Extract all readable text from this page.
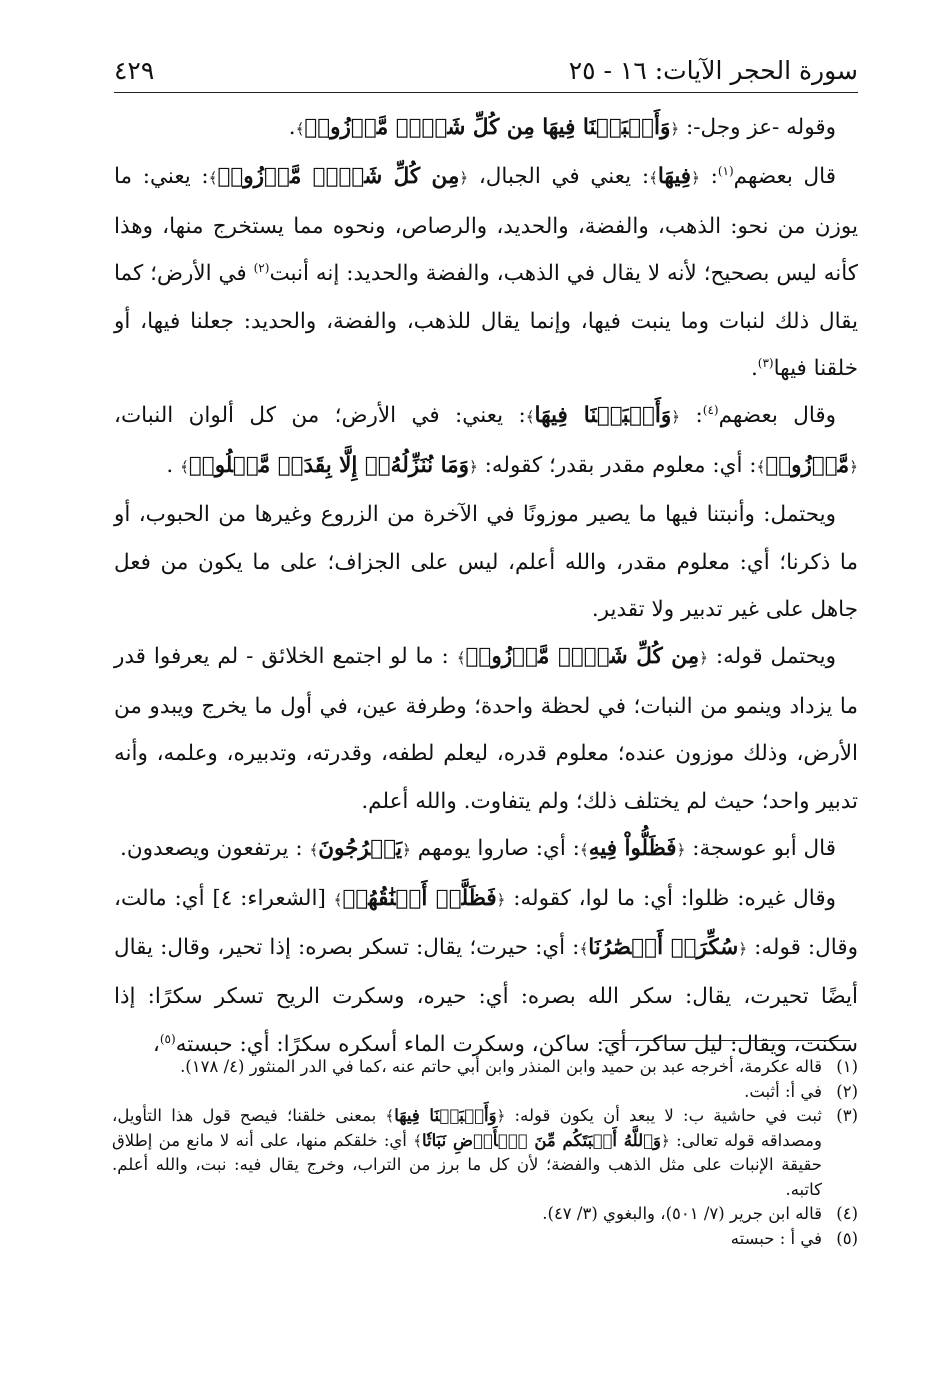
سورة الحجر الآيات: ١٦ - ٢٥
٤٢٩

وقوله -عز وجل-: ﴿وَأَنۢبَتۡنَا فِيهَا مِن كُلِّ شَيۡءٖ مَّوۡزُونٖ﴾.

قال بعضهم$^{(١)}$: ﴿فِيهَا﴾: يعني في الجبال، ﴿مِن كُلِّ شَيۡءٖ مَّوۡزُونٖ﴾: يعني: ما يوزن من نحو: الذهب، والفضة، والحديد، والرصاص، ونحوه مما يستخرج منها، وهذا كأنه ليس بصحيح؛ لأنه لا يقال في الذهب، والفضة والحديد: إنه أنبت$^{(٢)}$ في الأرض؛ كما يقال ذلك لنبات وما ينبت فيها، وإنما يقال للذهب، والفضة، والحديد: جعلنا فيها، أو خلقنا فيها$^{(٣)}$.

وقال بعضهم$^{(٤)}$: ﴿وَأَنۢبَتۡنَا فِيهَا﴾: يعني: في الأرض؛ من كل ألوان النبات، ﴿مَّوۡزُونٖ﴾: أي: معلوم مقدر بقدر؛ كقوله: ﴿وَمَا نُنَزِّلُهُۥٓ إِلَّا بِقَدَرٖ مَّعۡلُومٖ﴾ .

ويحتمل: وأنبتنا فيها ما يصير موزونًا في الآخرة من الزروع وغيرها من الحبوب، أو ما ذكرنا؛ أي: معلوم مقدر، والله أعلم، ليس على الجزاف؛ على ما يكون من فعل جاهل على غير تدبير ولا تقدير.

ويحتمل قوله: ﴿مِن كُلِّ شَيۡءٖ مَّوۡزُونٖ﴾ : ما لو اجتمع الخلائق - لم يعرفوا قدر ما يزداد وينمو من النبات؛ في لحظة واحدة؛ وطرفة عين، في أول ما يخرج ويبدو من الأرض، وذلك موزون عنده؛ معلوم قدره، ليعلم لطفه، وقدرته، وتدبيره، وعلمه، وأنه تدبير واحد؛ حيث لم يختلف ذلك؛ ولم يتفاوت. والله أعلم.

قال أبو عوسجة: ﴿فَظَلُّواْ فِيهِ﴾: أي: صاروا يومهم ﴿يَعۡرُجُونَ﴾ : يرتفعون ويصعدون.

وقال غيره: ظلوا: أي: ما لوا، كقوله: ﴿فَظَلَّتۡ أَعۡنَٰقُهُمۡ﴾ [الشعراء: ٤] أي: مالت، وقال: قوله: ﴿سُكِّرَتۡ أَبۡصَٰرُنَا﴾: أي: حيرت؛ يقال: تسكر بصره: إذا تحير، وقال: يقال أيضًا تحيرت، يقال: سكر الله بصره: أي: حيره، وسكرت الريح تسكر سكرًا: إذا سكنت، ويقال: ليل ساكر، أي: ساكن، وسكرت الماء أسكره سكرًا: أي: حبسته$^{(٥)}$،

(١)
قاله عكرمة، أخرجه عبد بن حميد وابن المنذر وابن أبي حاتم عنه ،كما في الدر المنثور (٤/ ١٧٨).
(٢)
في أ: أثبت.
(٣)
ثبت في حاشية ب: لا يبعد أن يكون قوله: ﴿وَأَنۢبَتۡنَا فِيهَا﴾ بمعنى خلقنا؛ فيصح قول هذا التأويل، ومصداقه قوله تعالى: ﴿وَٱللَّهُ أَنۢبَتَكُم مِّنَ ٱلۡأَرۡضِ نَبَاتٗا﴾ أي: خلقكم منها، على أنه لا مانع من إطلاق حقيقة الإنبات على مثل الذهب والفضة؛ لأن كل ما برز من التراب، وخرج يقال فيه: نبت، والله أعلم. كاتبه.
(٤)
قاله ابن جرير (٧/ ٥٠١)، والبغوي (٣/ ٤٧).
(٥)
في أ : حبسته
